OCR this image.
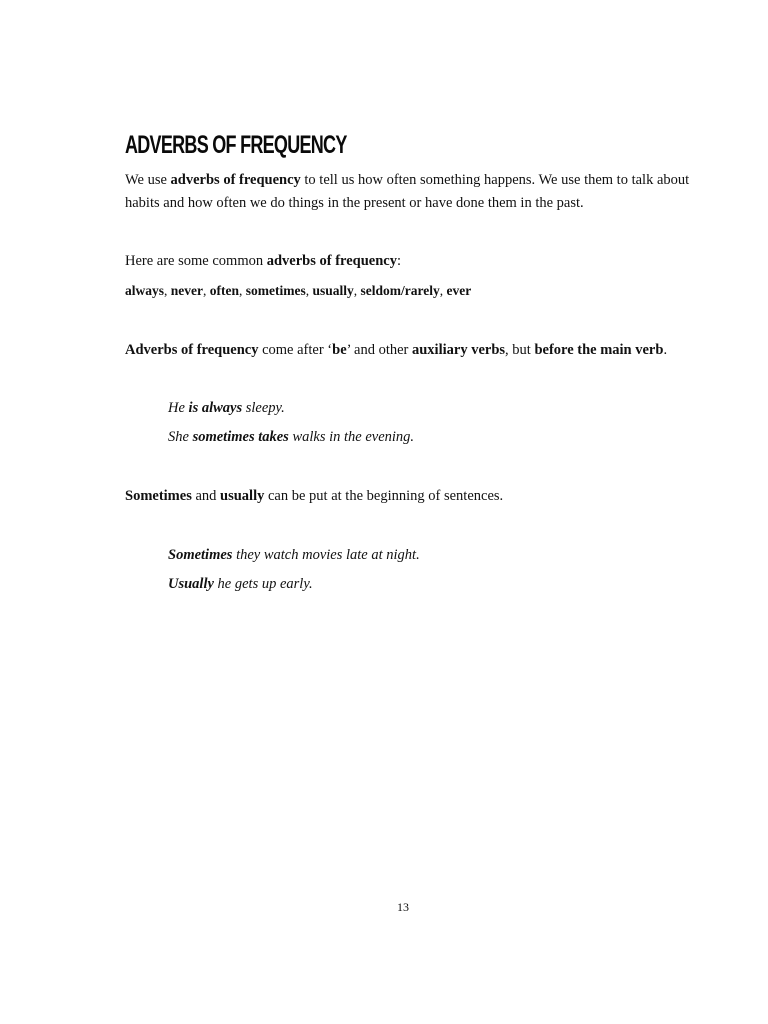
ADVERBS OF FREQUENCY

We use adverbs of frequency to tell us how often something happens. We use them to talk about

habits and how often we do things in the present or have done them in the past.

Here are some common adverbs of frequency:

always, never, often, sometimes, usually, seldom/rarely, ever

Adverbs of frequency come after ‘be’ and other auxiliary verbs, but before the main verb.

He is always sleepy.

She sometimes takes walks in the evening.

Sometimes and usually can be put at the beginning of sentences.

Sometimes they watch movies late at night.

Usually he gets up early.

13
